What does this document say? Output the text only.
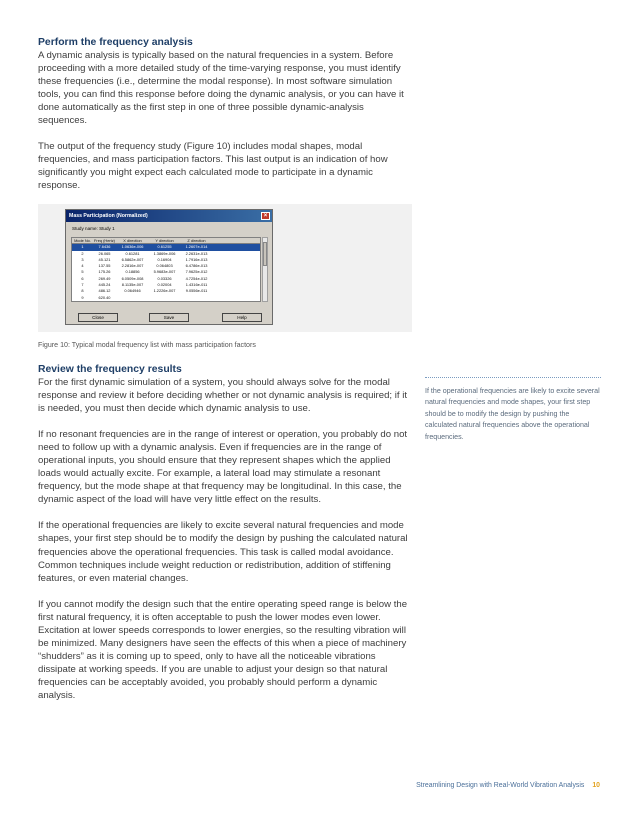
Perform the frequency analysis

A dynamic analysis is typically based on the natural frequencies in a system. Before proceeding with a more detailed study of the time-varying response, you must identify these frequencies (i.e., determine the modal response). In most software simulation tools, you can find this response before doing the dynamic analysis, or you can have it done automatically as the first step in one of three possible dynamic-analysis sequences.

The output of the frequency study (Figure 10) includes modal shapes, modal frequencies, and mass participation factors. This last output is an indication of how significantly you might expect each calculated mode to participate in a dynamic response.

Mass Participation (Normalized)	×
Study name: Study 1
Mode No. Freq (Hertz)	X direction	Y direction	Z direction
1	7.6436	1.0636e-006	0.61255	1.2607e-014
2	26.065	0.61281	1.3869e-006	2.2631e-013
3	45.121	6.5862e-007	0.16904	1.7916e-013
4	137.55	2.2816e-007	0.064803	6.4786e-013
5	175.26	0.18856	5.9683e-007	7.9625e-012
6	269.49	6.0509e-008	0.03326	4.7254e-012
7	445.24	8.1135e-007	0.02004	1.4316e-011
8	486.12	0.064946	1.2226e-007	9.0556e-011
9	620.40
Close	Save	Help
Figure 10: Typical modal frequency list with mass participation factors
Review the frequency results

For the first dynamic simulation of a system, you should always solve for the modal response and review it before deciding whether or not dynamic analysis is required; if it is needed, you must then decide which dynamic analysis to use.

If no resonant frequencies are in the range of interest or operation, you probably do not need to follow up with a dynamic analysis. Even if frequencies are in the range of operational inputs, you should ensure that they represent shapes which the applied loads would actually excite. For example, a lateral load may stimulate a resonant frequency, but the mode shape at that frequency may be longitudinal. In this case, the dynamic aspect of the load will have very little effect on the results.

If the operational frequencies are likely to excite several natural frequencies and mode shapes, your first step should be to modify the design by pushing the calculated natural frequencies above the operational frequencies. This task is called modal avoidance. Common techniques include weight reduction or redistribution, addition of stiffening features, or even material changes.

If you cannot modify the design such that the entire operating speed range is below the first natural frequency, it is often acceptable to push the lower modes even lower. Excitation at lower speeds corresponds to lower energies, so the resulting vibration will be minimized. Many designers have seen the effects of this when a piece of machinery “shudders” as it is coming up to speed, only to have all the noticeable vibrations dissipate at working speeds. If you are unable to adjust your design so that natural frequencies can be acceptably avoided, you probably should perform a dynamic analysis.

If the operational frequencies are likely to excite several natural frequencies and mode shapes, your first step should be to modify the design by pushing the calculated natural frequencies above the operational frequencies.

Streamlining Design with Real-World Vibration Analysis 10
